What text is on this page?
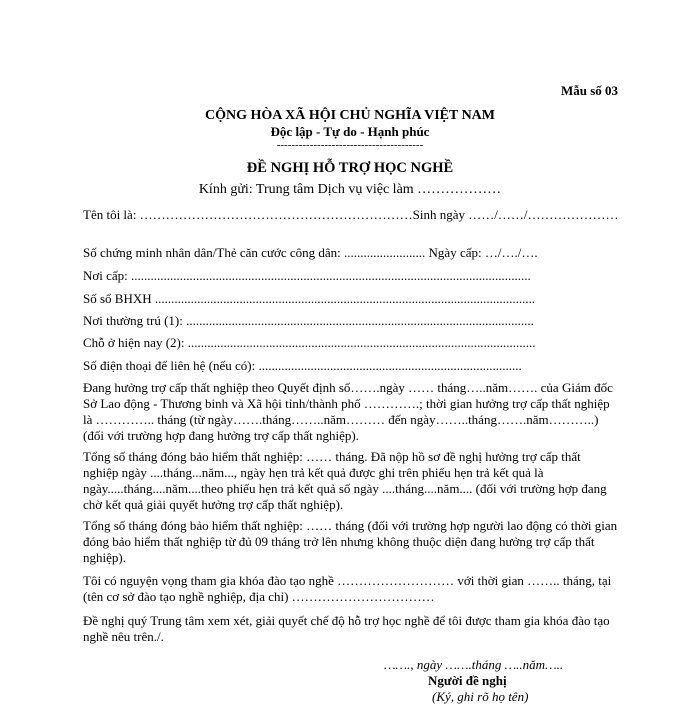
Mẫu số 03
CỘNG HÒA XÃ HỘI CHỦ NGHĨA VIỆT NAM
Độc lập - Tự do - Hạnh phúc
----------------------------------------
ĐỀ NGHỊ HỖ TRỢ HỌC NGHỀ
Kính gửi: Trung tâm Dịch vụ việc làm ………………
Tên tôi là: ………………………………………………………Sinh ngày ……/……/…………………
Số chứng minh nhân dân/Thẻ căn cước công dân: ......................... Ngày cấp: …/…./….
Nơi cấp: ...........................................................................................................................
Số sổ BHXH .....................................................................................................................
Nơi thường trú (1): ...........................................................................................................
Chỗ ở hiện nay (2): ...........................................................................................................
Số điện thoại để liên hệ (nếu có): .................................................................................
Đang hưởng trợ cấp thất nghiệp theo Quyết định số…….ngày …… tháng…..năm……. của Giám đốc Sở Lao động - Thương binh và Xã hội tỉnh/thành phố ………….; thời gian hưởng trợ cấp thất nghiệp là ………….. tháng (từ ngày…….tháng……..năm……… đến ngày……..tháng…….năm………..) (đối với trường hợp đang hưởng trợ cấp thất nghiệp).
Tổng số tháng đóng bảo hiểm thất nghiệp: …… tháng. Đã nộp hồ sơ đề nghị hưởng trợ cấp thất nghiệp ngày ....tháng...năm..., ngày hẹn trả kết quả được ghi trên phiếu hẹn trả kết quả là ngày.....tháng....năm....theo phiếu hẹn trả kết quả số ngày ....tháng....năm.... (đối với trường hợp đang chờ kết quả giải quyết hưởng trợ cấp thất nghiệp).
Tổng số tháng đóng bảo hiểm thất nghiệp: …… tháng (đối với trường hợp người lao động có thời gian đóng bảo hiểm thất nghiệp từ đủ 09 tháng trở lên nhưng không thuộc diện đang hưởng trợ cấp thất nghiệp).
Tôi có nguyện vọng tham gia khóa đào tạo nghề ……………………… với thời gian …….. tháng, tại (tên cơ sở đào tạo nghề nghiệp, địa chỉ) ……………………………
Đề nghị quý Trung tâm xem xét, giải quyết chế độ hỗ trợ học nghề để tôi được tham gia khóa đào tạo nghề nêu trên./.
……., ngày …….tháng …..năm…..
Người đề nghị
(Ký, ghi rõ họ tên)
